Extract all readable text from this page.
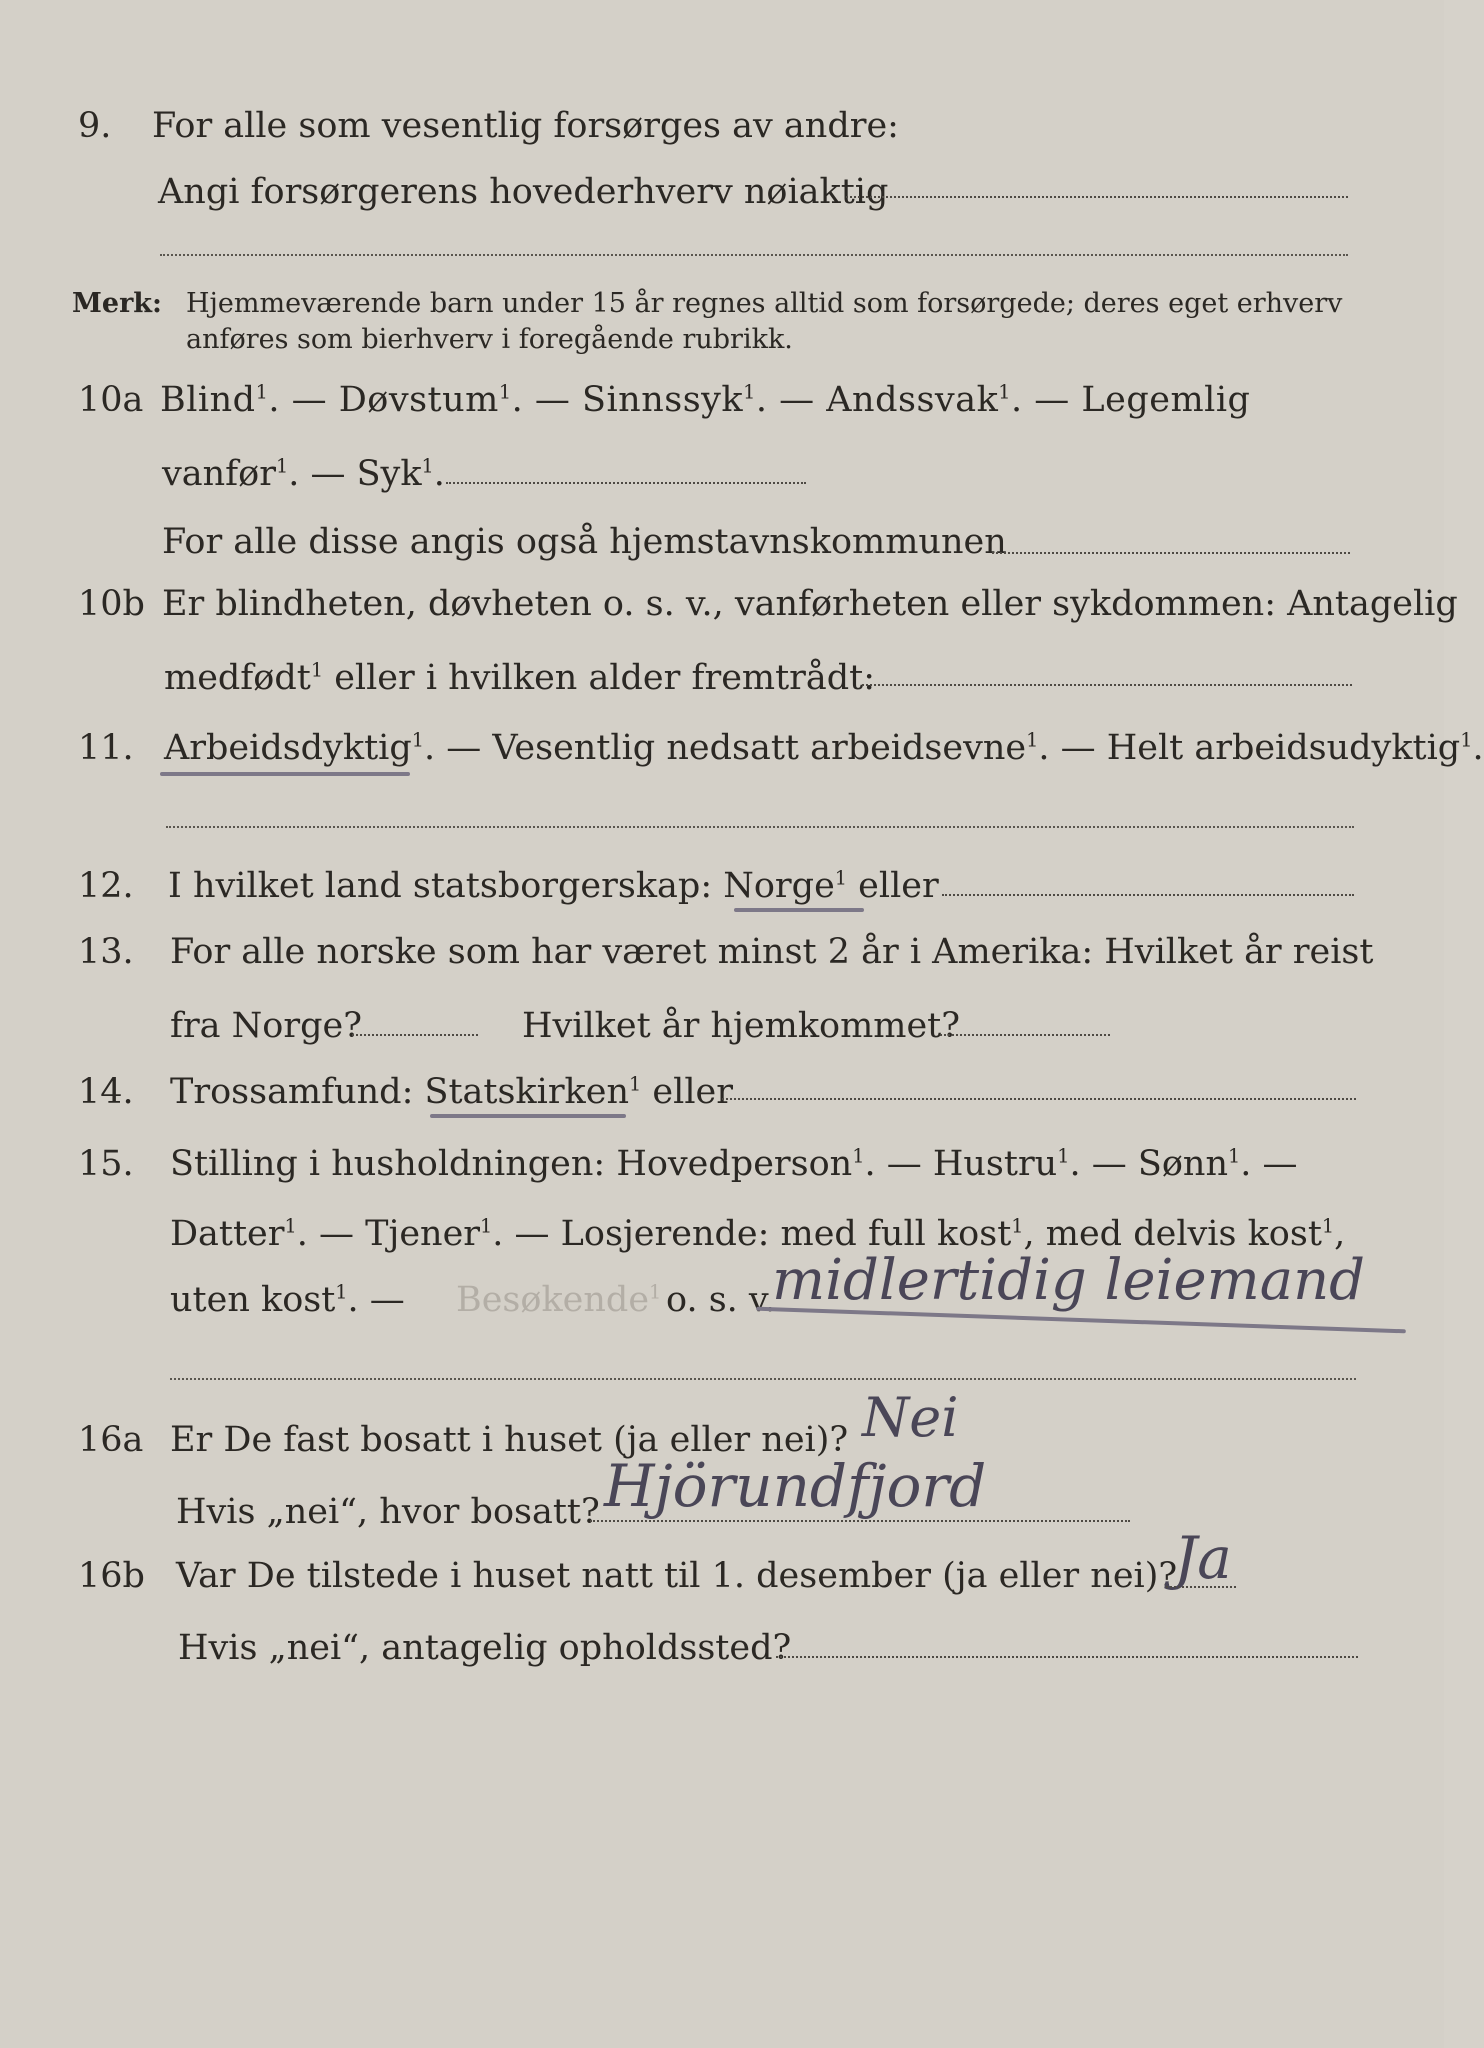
9. For alle som vesentlig forsørges av andre:
Angi forsørgerens hovederhverv nøiaktig
Merk: Hjemmeværende barn under 15 år regnes alltid som forsørgede; deres eget erhverv
anføres som bierhverv i foregående rubrikk.
10a Blind$^1$. — Døvstum$^1$. — Sinnssyk$^1$. — Andssvak$^1$. — Legemlig
vanfør$^1$. — Syk$^1$.
For alle disse angis også hjemstavnskommunen
10b Er blindheten, døvheten o. s. v., vanførheten eller sykdommen: Antagelig
medfødt$^1$ eller i hvilken alder fremtrådt:
11. Arbeidsdyktig$^1$. — Vesentlig nedsatt arbeidsevne$^1$. — Helt arbeidsudyktig$^1$.
12. I hvilket land statsborgerskap: Norge$^1$ eller
13. For alle norske som har været minst 2 år i Amerika: Hvilket år reist
fra Norge?	Hvilket år hjemkommet?
14. Trossamfund: Statskirken$^1$ eller
15. Stilling i husholdningen: Hovedperson$^1$. — Hustru$^1$. — Sønn$^1$. —
Datter$^1$. — Tjener$^1$. — Losjerende: med full kost$^1$, med delvis kost$^1$,
uten kost$^1$. — Besøkende$^1$ o. s. v.
midlertidig leiemand
16a Er De fast bosatt i huset (ja eller nei)? Nei
Hvis „nei“, hvor bosatt? Hjörundfjord
16b Var De tilstede i huset natt til 1. desember (ja eller nei)?
Ja
Hvis „nei“, antagelig opholdssted?
